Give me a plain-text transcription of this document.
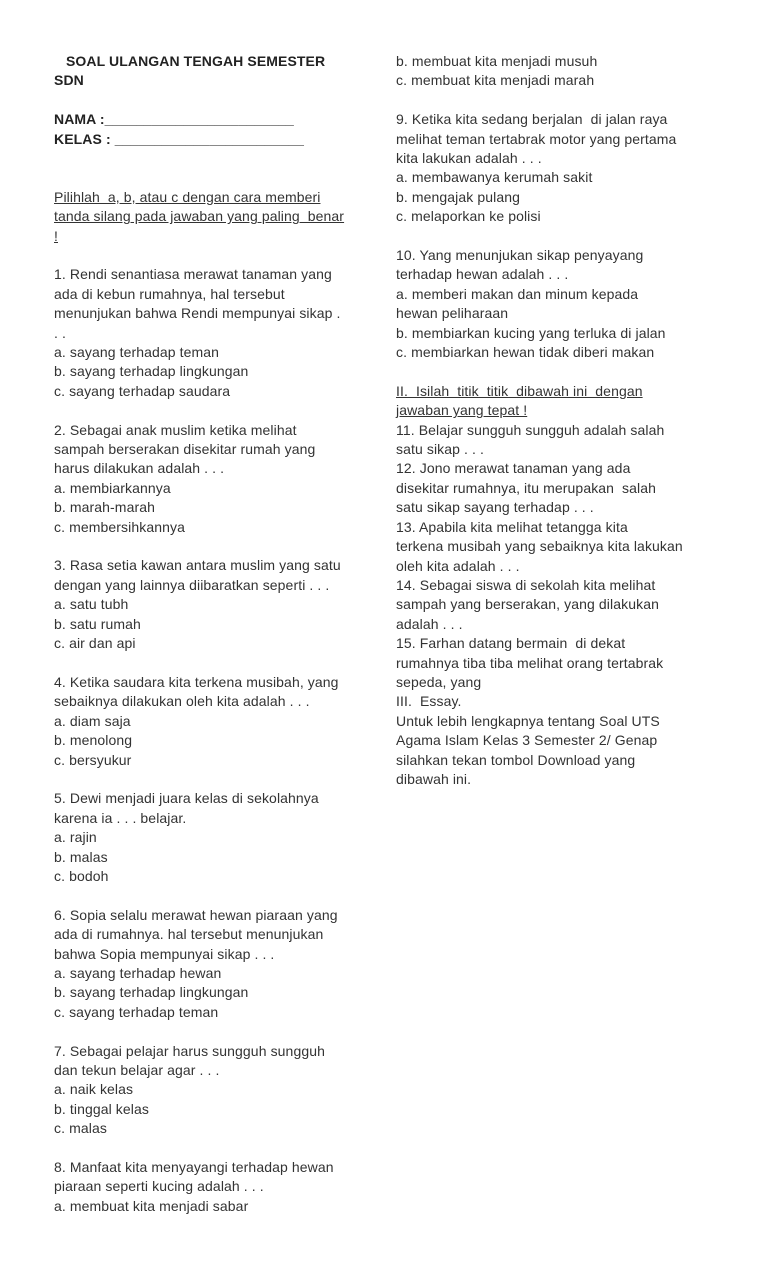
SOAL ULANGAN TENGAH SEMESTER
SDN
NAMA :________________________
KELAS : ________________________
Pilihlah  a, b, atau c dengan cara memberi
tanda silang pada jawaban yang paling  benar
!
1. Rendi senantiasa merawat tanaman yang
ada di kebun rumahnya, hal tersebut
menunjukan bahwa Rendi mempunyai sikap .
. .
a. sayang terhadap teman
b. sayang terhadap lingkungan
c. sayang terhadap saudara
2. Sebagai anak muslim ketika melihat
sampah berserakan disekitar rumah yang
harus dilakukan adalah . . .
a. membiarkannya
b. marah-marah
c. membersihkannya
3. Rasa setia kawan antara muslim yang satu
dengan yang lainnya diibaratkan seperti . . .
a. satu tubh
b. satu rumah
c. air dan api
4. Ketika saudara kita terkena musibah, yang
sebaiknya dilakukan oleh kita adalah . . .
a. diam saja
b. menolong
c. bersyukur
5. Dewi menjadi juara kelas di sekolahnya
karena ia . . . belajar.
a. rajin
b. malas
c. bodoh
6. Sopia selalu merawat hewan piaraan yang
ada di rumahnya. hal tersebut menunjukan
bahwa Sopia mempunyai sikap . . .
a. sayang terhadap hewan
b. sayang terhadap lingkungan
c. sayang terhadap teman
7. Sebagai pelajar harus sungguh sungguh
dan tekun belajar agar . . .
a. naik kelas
b. tinggal kelas
c. malas
8. Manfaat kita menyayangi terhadap hewan
piaraan seperti kucing adalah . . .
a. membuat kita menjadi sabar
b. membuat kita menjadi musuh
c. membuat kita menjadi marah
9. Ketika kita sedang berjalan  di jalan raya
melihat teman tertabrak motor yang pertama
kita lakukan adalah . . .
a. membawanya kerumah sakit
b. mengajak pulang
c. melaporkan ke polisi
10. Yang menunjukan sikap penyayang
terhadap hewan adalah . . .
a. memberi makan dan minum kepada
hewan peliharaan
b. membiarkan kucing yang terluka di jalan
c. membiarkan hewan tidak diberi makan
II.  Isilah  titik  titik  dibawah ini  dengan
jawaban yang tepat !
11. Belajar sungguh sungguh adalah salah
satu sikap . . .
12. Jono merawat tanaman yang ada
disekitar rumahnya, itu merupakan  salah
satu sikap sayang terhadap . . .
13. Apabila kita melihat tetangga kita
terkena musibah yang sebaiknya kita lakukan
oleh kita adalah . . .
14. Sebagai siswa di sekolah kita melihat
sampah yang berserakan, yang dilakukan
adalah . . .
15. Farhan datang bermain  di dekat
rumahnya tiba tiba melihat orang tertabrak
sepeda, yang
III.  Essay.
Untuk lebih lengkapnya tentang Soal UTS
Agama Islam Kelas 3 Semester 2/ Genap
silahkan tekan tombol Download yang
dibawah ini.
